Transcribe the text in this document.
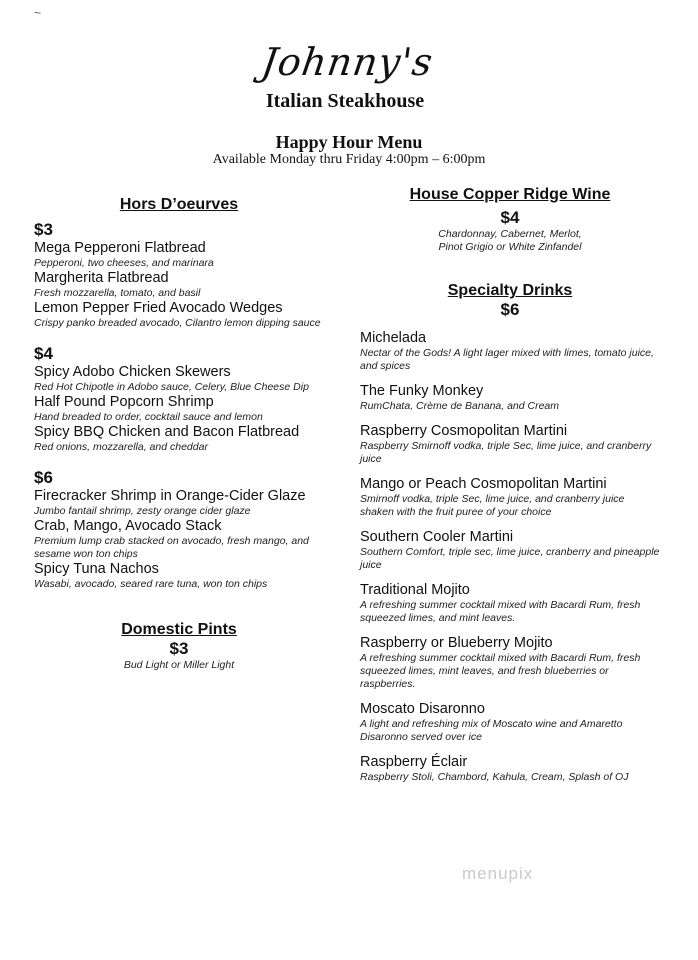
~
Johnny's
Italian Steakhouse
Happy Hour Menu
Available Monday thru Friday 4:00pm – 6:00pm
Hors D’oeurves
$3
Mega Pepperoni Flatbread
Pepperoni, two cheeses, and marinara
Margherita Flatbread
Fresh mozzarella, tomato, and basil
Lemon Pepper Fried Avocado Wedges
Crispy panko breaded avocado, Cilantro lemon dipping sauce
$4
Spicy Adobo Chicken Skewers
Red Hot Chipotle in Adobo sauce, Celery, Blue Cheese Dip
Half Pound Popcorn Shrimp
Hand breaded to order, cocktail sauce and lemon
Spicy BBQ Chicken and Bacon Flatbread
Red onions, mozzarella, and cheddar
$6
Firecracker Shrimp in Orange-Cider Glaze
Jumbo fantail shrimp, zesty orange cider glaze
Crab, Mango, Avocado Stack
Premium lump crab stacked on avocado, fresh mango, and sesame won ton chips
Spicy Tuna Nachos
Wasabi, avocado, seared rare tuna, won ton chips
Domestic Pints
$3
Bud Light or Miller Light
House Copper Ridge Wine
$4
Chardonnay, Cabernet, Merlot,
Pinot Grigio or White Zinfandel
Specialty Drinks
$6
Michelada
Nectar of the Gods! A light lager mixed with limes, tomato juice, and spices
The Funky Monkey
RumChata, Crème de Banana, and Cream
Raspberry Cosmopolitan Martini
Raspberry Smirnoff vodka, triple Sec, lime juice, and cranberry juice
Mango or Peach Cosmopolitan Martini
Smirnoff vodka, triple Sec, lime juice, and cranberry juice shaken with the fruit puree of your choice
Southern Cooler Martini
Southern Comfort, triple sec, lime juice, cranberry and pineapple juice
Traditional Mojito
A refreshing summer cocktail mixed with Bacardi Rum, fresh squeezed limes, and mint leaves.
Raspberry or Blueberry Mojito
A refreshing summer cocktail mixed with Bacardi Rum, fresh squeezed limes, mint leaves, and fresh blueberries or raspberries.
Moscato Disaronno
A light and refreshing mix of Moscato wine and Amaretto Disaronno served over ice
Raspberry Éclair
Raspberry Stoli, Chambord, Kahula, Cream, Splash of OJ
menupix
